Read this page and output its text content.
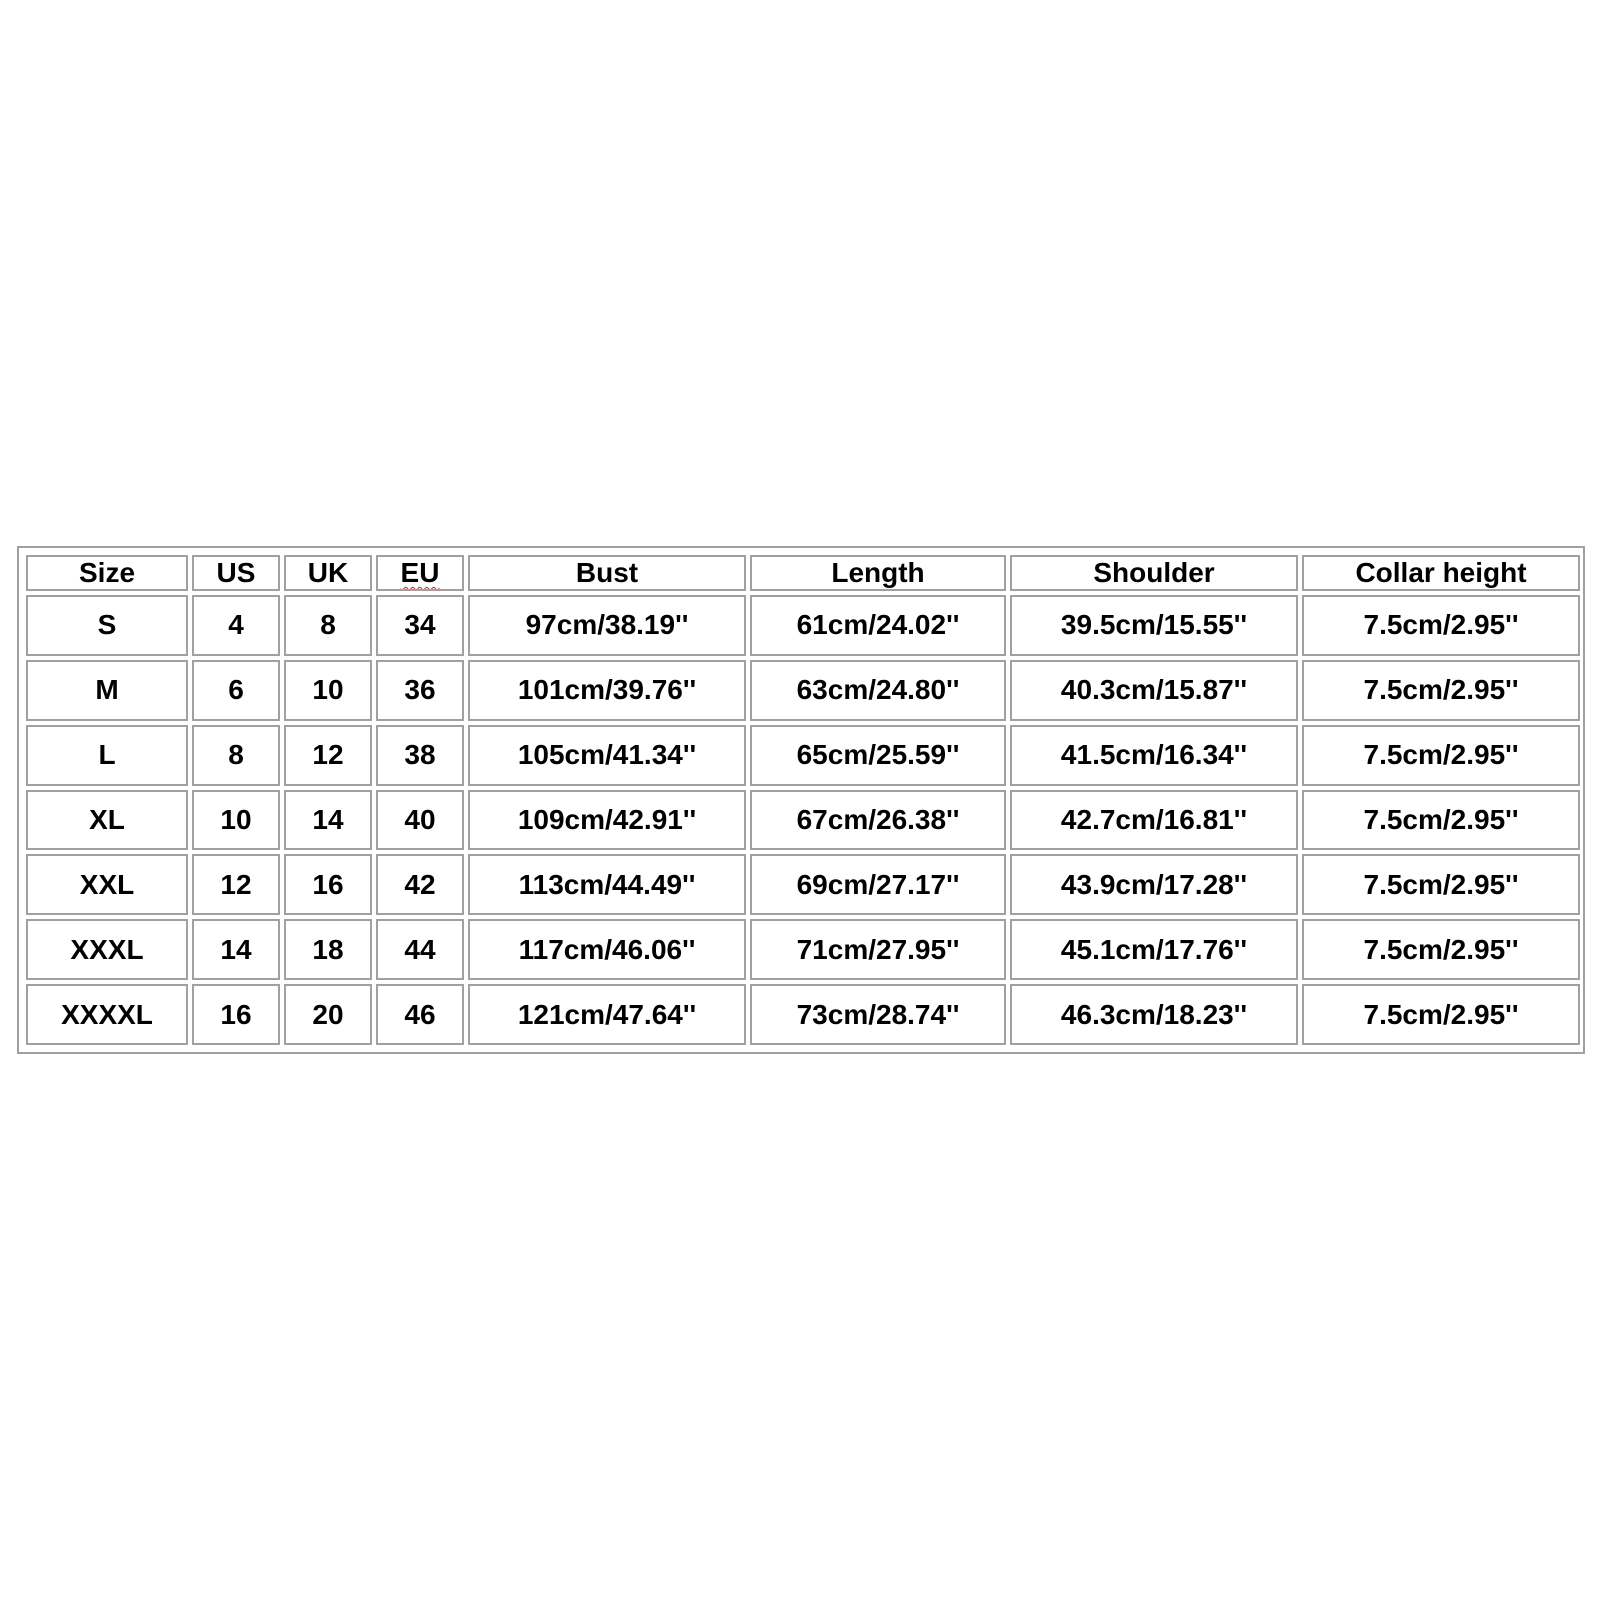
Size	US	UK	EU	Bust	Length	Shoulder	Collar height
S	4	8	34	97cm/38.19''	61cm/24.02''	39.5cm/15.55''	7.5cm/2.95''
M	6	10	36	101cm/39.76''	63cm/24.80''	40.3cm/15.87''	7.5cm/2.95''
L	8	12	38	105cm/41.34''	65cm/25.59''	41.5cm/16.34''	7.5cm/2.95''
XL	10	14	40	109cm/42.91''	67cm/26.38''	42.7cm/16.81''	7.5cm/2.95''
XXL	12	16	42	113cm/44.49''	69cm/27.17''	43.9cm/17.28''	7.5cm/2.95''
XXXL	14	18	44	117cm/46.06''	71cm/27.95''	45.1cm/17.76''	7.5cm/2.95''
XXXXL	16	20	46	121cm/47.64''	73cm/28.74''	46.3cm/18.23''	7.5cm/2.95''
